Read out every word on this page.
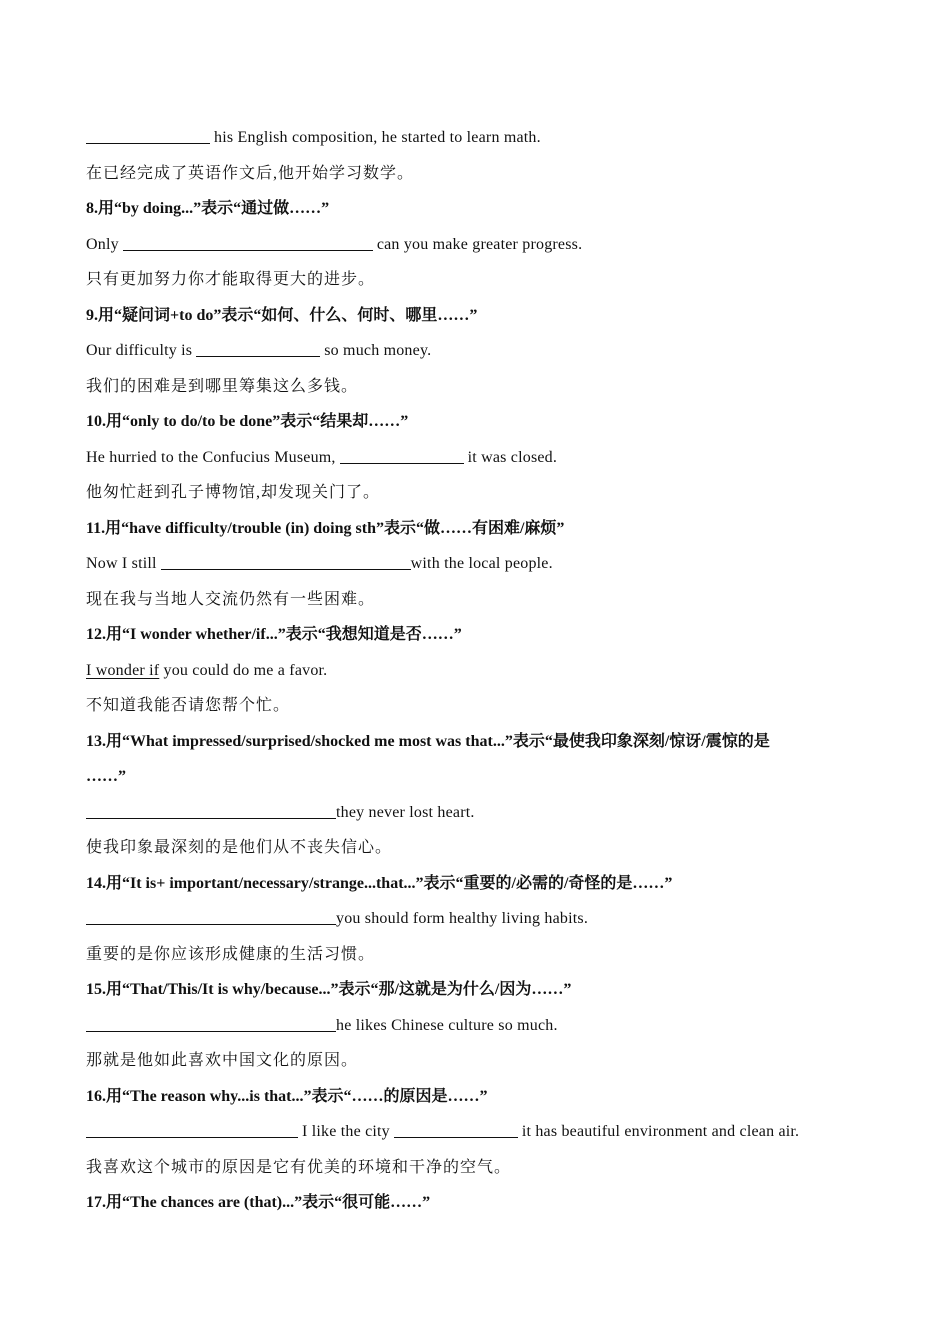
his English composition, he started to learn math.
在已经完成了英语作文后,他开始学习数学。
8.用“by doing...”表示“通过做……”
Only	can you make greater progress.
只有更加努力你才能取得更大的进步。
9.用“疑问词+to do”表示“如何、什么、何时、哪里……”
Our difficulty is	so much money.
我们的困难是到哪里筹集这么多钱。
10.用“only to do/to be done”表示“结果却……”
He hurried to the Confucius Museum,	it was closed.
他匆忙赶到孔子博物馆,却发现关门了。
11.用“have difficulty/trouble (in) doing sth”表示“做……有困难/麻烦”
Now I still	with the local people.
现在我与当地人交流仍然有一些困难。
12.用“I wonder whether/if...”表示“我想知道是否……”
I wonder if you could do me a favor.
不知道我能否请您帮个忙。
13.用“What impressed/surprised/shocked me most was that...”表示“最使我印象深刻/惊讶/震惊的是
……”
they never lost heart.
使我印象最深刻的是他们从不丧失信心。
14.用“It is+ important/necessary/strange...that...”表示“重要的/必需的/奇怪的是……”
you should form healthy living habits.
重要的是你应该形成健康的生活习惯。
15.用“That/This/It is why/because...”表示“那/这就是为什么/因为……”
he likes Chinese culture so much.
那就是他如此喜欢中国文化的原因。
16.用“The reason why...is that...”表示“……的原因是……”
I like the city	it has beautiful environment and clean air.
我喜欢这个城市的原因是它有优美的环境和干净的空气。
17.用“The chances are (that)...”表示“很可能……”
